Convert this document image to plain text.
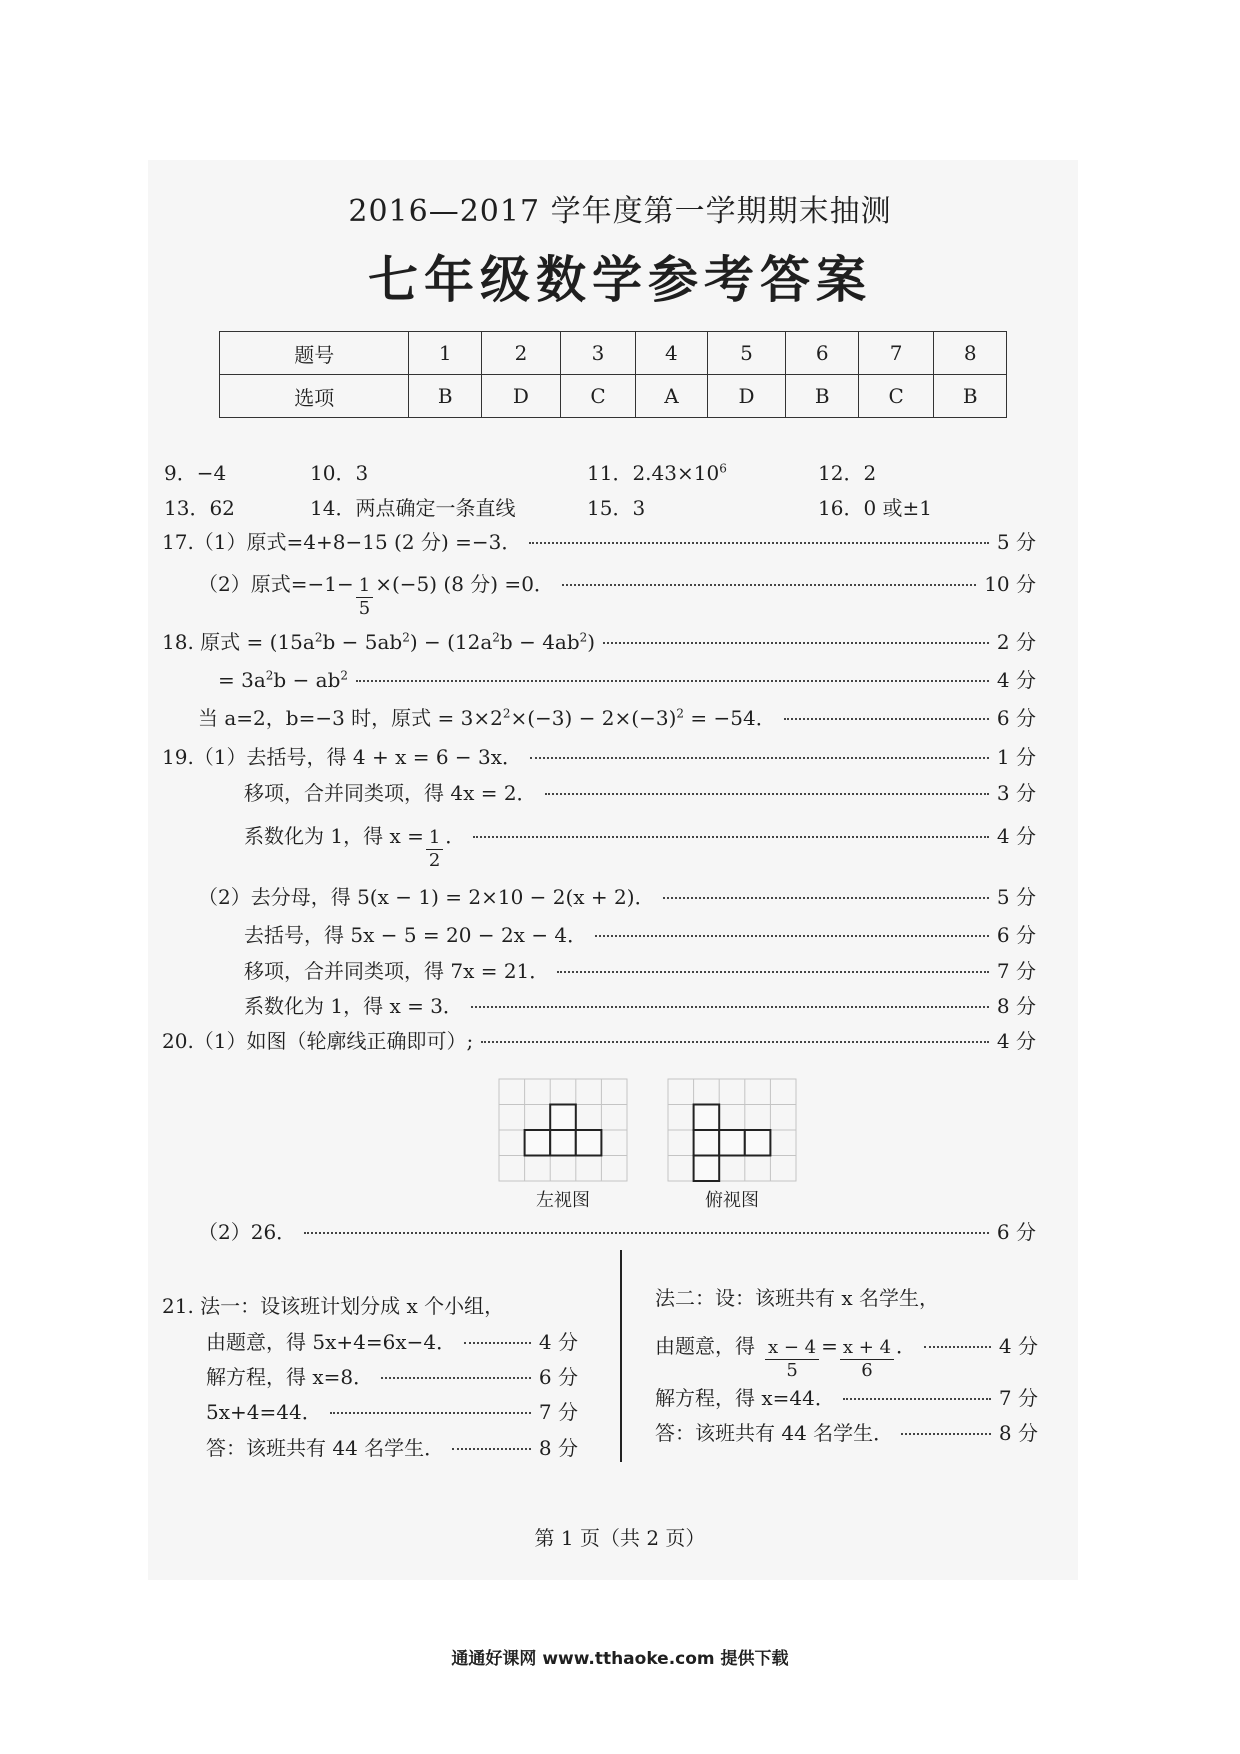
2016—2017 学年度第一学期期末抽测
七年级数学参考答案
题号	1	2	3	4	5	6	7	8
选项	B	D	C	A	D	B	C	B
9．−4	10．3	11．$2.43\times 10^6$	12．2
13．62	14．两点确定一条直线	15．3	16．0 或±1
17.（1）原式=4+8−15 (2 分) =−3．	5 分
（2）原式$=-1- \frac{1}{5} \times(-5)$ (8 分) =0．	10 分
18. 原式 = $(15a^2b - 5ab^2) - (12a^2b - 4ab^2)$	2 分
= $3a^2b - ab^2$	4 分
当 a=2，b=−3 时，原式 = $3\times 2^2\times(-3) - 2\times(-3)^2 = -54$．	6 分
19.（1）去括号，得 4 + x = 6 − 3x．	1 分
移项，合并同类项，得 4x = 2．	3 分
系数化为 1，得 $x = \frac{1}{2}$ ．	4 分
（2）去分母，得 5(x − 1) = 2×10 − 2(x + 2)．	5 分
去括号，得 5x − 5 = 20 − 2x − 4．	6 分
移项，合并同类项，得 7x = 21．	7 分
系数化为 1，得 x = 3．	8 分
20.（1）如图（轮廓线正确即可）;	4 分
左视图	俯视图
（2）26．	6 分
21. 法一：设该班计划分成 x 个小组，
由题意，得 5x+4=6x−4．	4 分
解方程，得 x=8．	6 分
5x+4=44．	7 分
答：该班共有 44 名学生．	8 分
法二：设：该班共有 x 名学生，
由题意，得 $\frac{x - 4}{5} = \frac{x + 4}{6}$ ．	4 分
解方程，得 x=44．	7 分
答：该班共有 44 名学生．	8 分
第 1 页（共 2 页）
通通好课网 www.tthaoke.com 提供下载
